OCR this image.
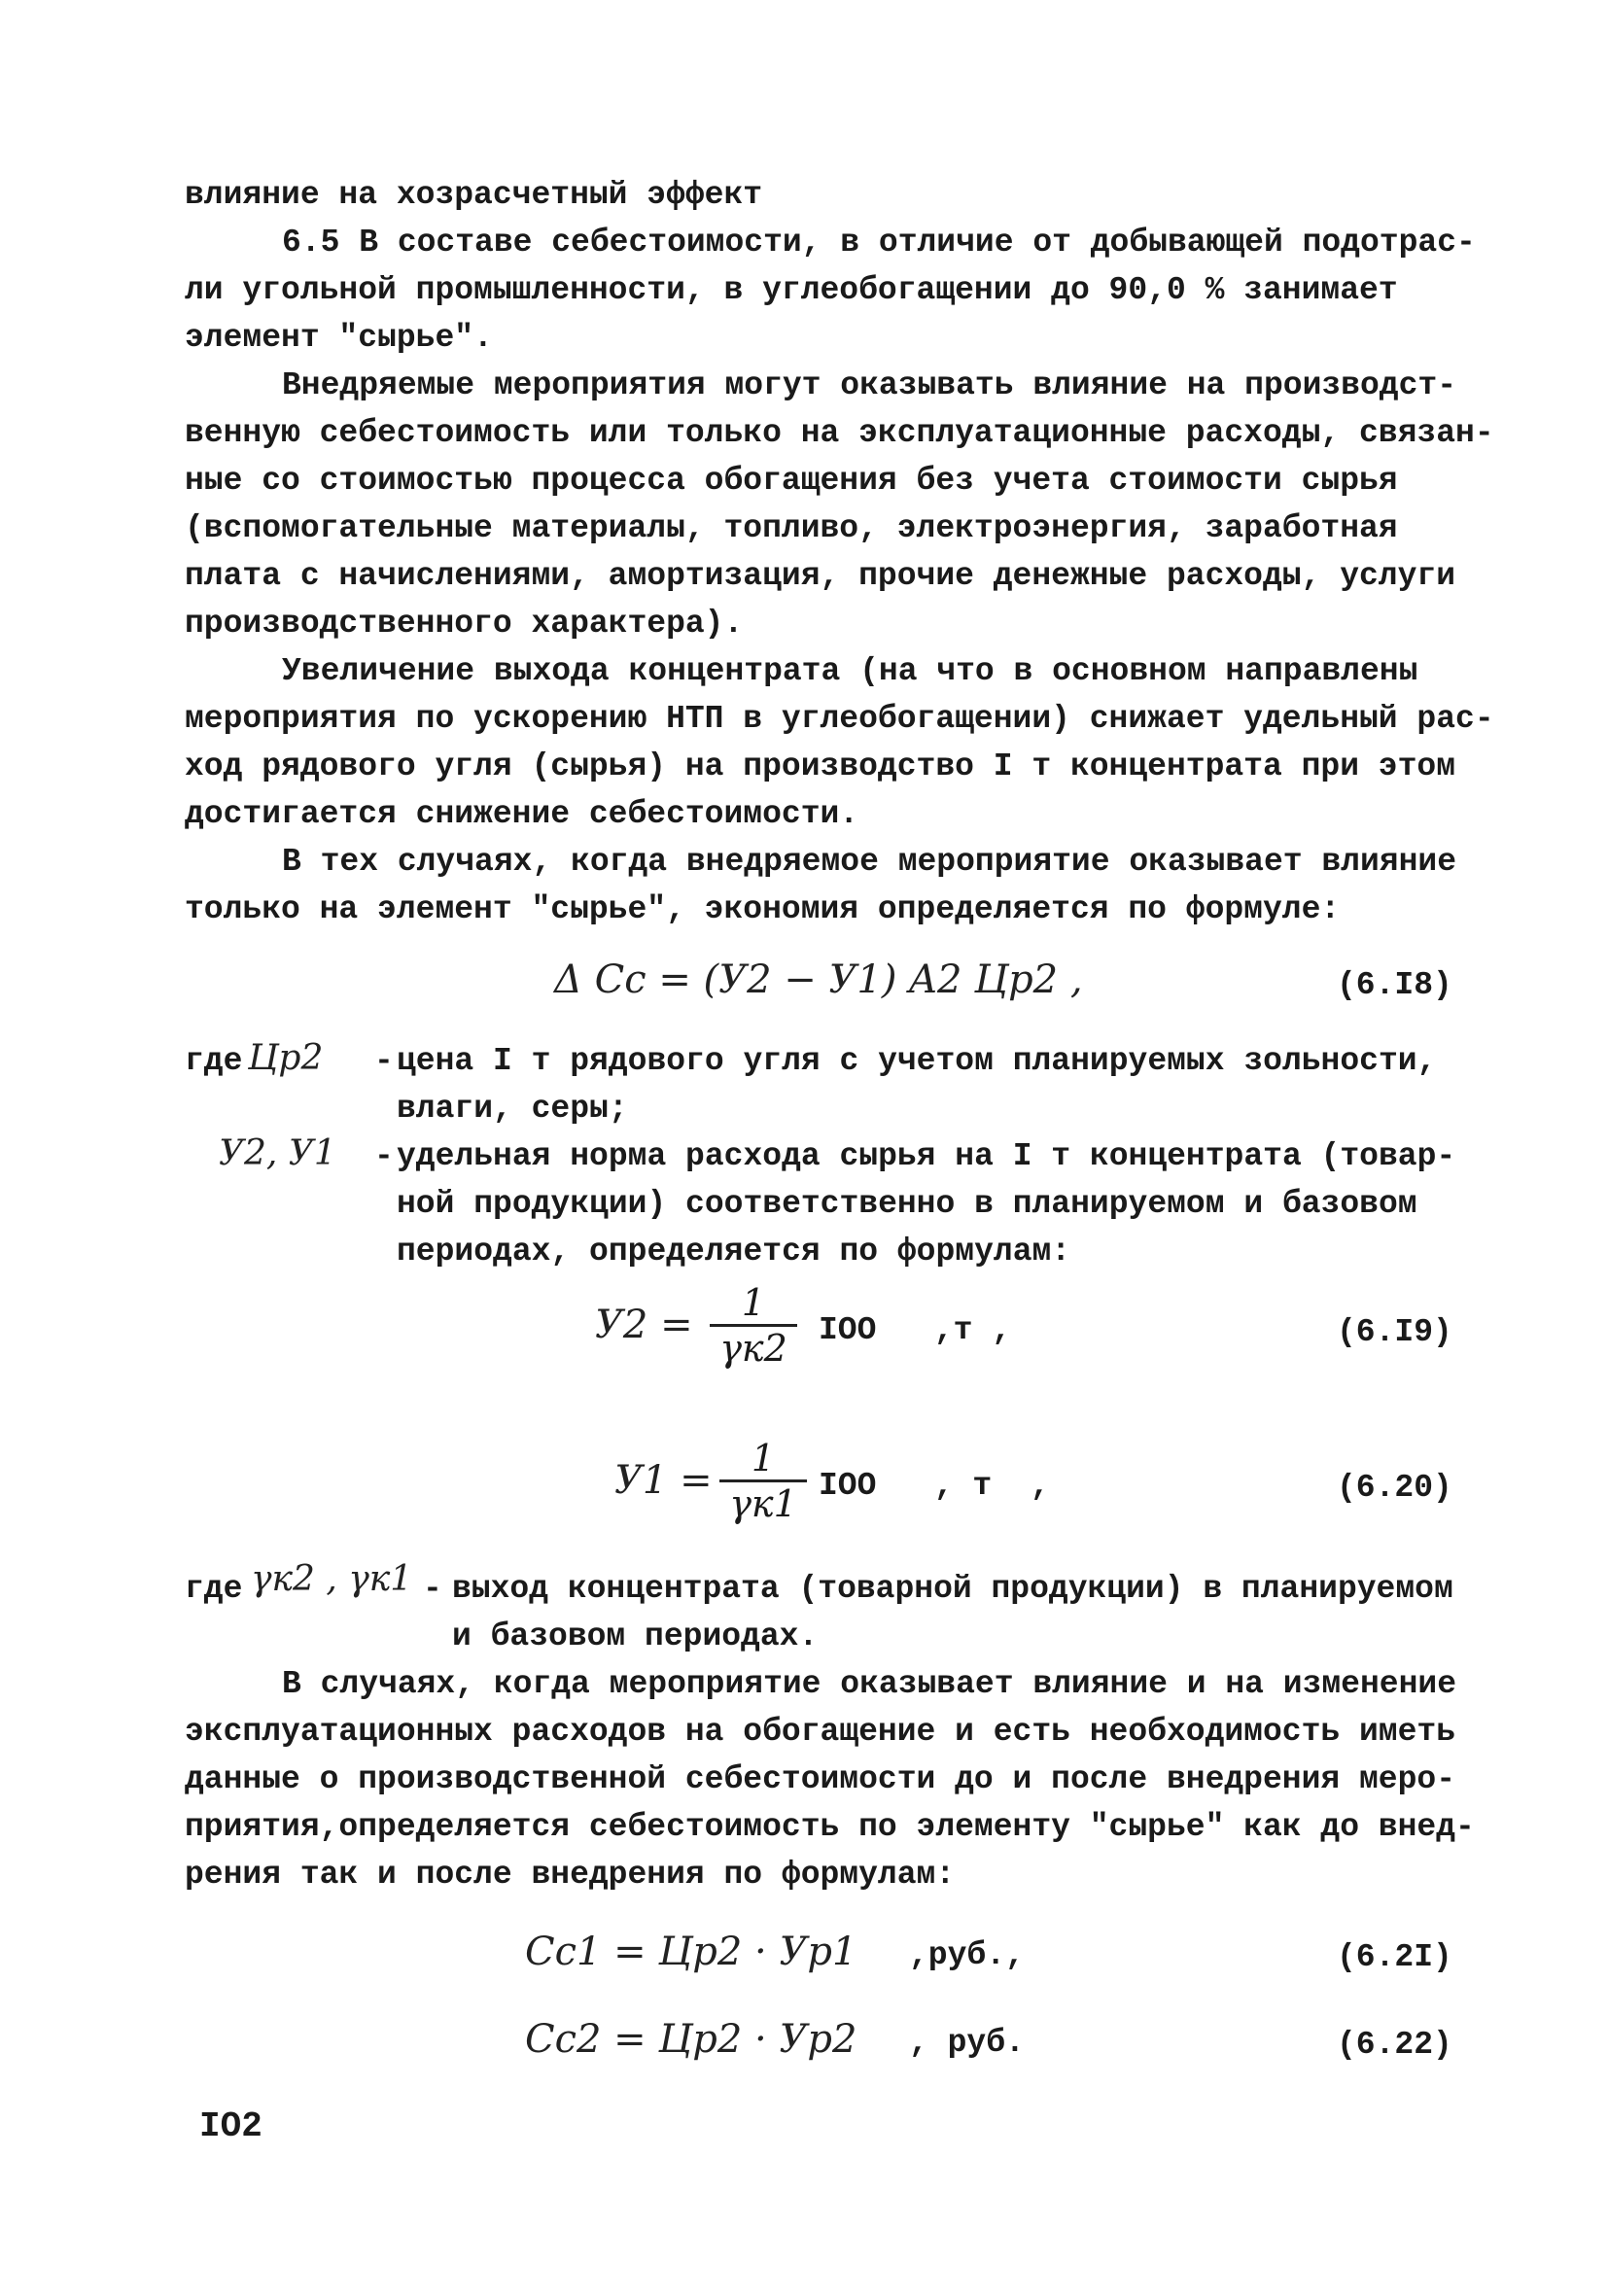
влияние на хозрасчетный эффект
6.5 В составе себестоимости, в отличие от добывающей подотрас-
ли угольной промышленности, в углеобогащении до 90,0 % занимает
элемент "сырье".
Внедряемые мероприятия могут оказывать влияние на производст-
венную себестоимость или только на эксплуатационные расходы, связан-
ные со стоимостью процесса обогащения без учета стоимости сырья
(вспомогательные материалы, топливо, электроэнергия, заработная
плата с начислениями, амортизация, прочие денежные расходы, услуги
производственного характера).
Увеличение выхода концентрата (на что в основном направлены
мероприятия по ускорению НТП в углеобогащении) снижает удельный рас-
ход рядового угля (сырья) на производство I т концентрата при этом
достигается снижение себестоимости.
В тех случаях, когда внедряемое мероприятие оказывает влияние
только на элемент "сырье", экономия определяется по формуле:
Δ Cc = (У2 − У1) A2 Цр2 ,	(6.I8)
где Цр2 - цена I т рядового угля с учетом планируемых зольности,
влаги, серы;
У2, У1 - удельная норма расхода сырья на I т концентрата (товар-
ной продукции) соответственно в планируемом и базовом
периодах, определяется по формулам:
У2 =	1
γк2 IOO   ,т ,	(6.I9)
У1 =	1
γк1 IOO   , т  ,	(6.20)
где γк2 , γк1 - выход концентрата (товарной продукции) в планируемом
и базовом периодах.
В случаях, когда мероприятие оказывает влияние и на изменение
эксплуатационных расходов на обогащение и есть необходимость иметь
данные о производственной себестоимости до и после внедрения меро-
приятия,определяется себестоимость по элементу "сырье" как до внед-
рения так и после внедрения по формулам:
Cc1 = Цр2 · Ур1 ,руб.,	(6.2I)
Cc2 = Цр2 · Ур2 , руб.	(6.22)
IO2
